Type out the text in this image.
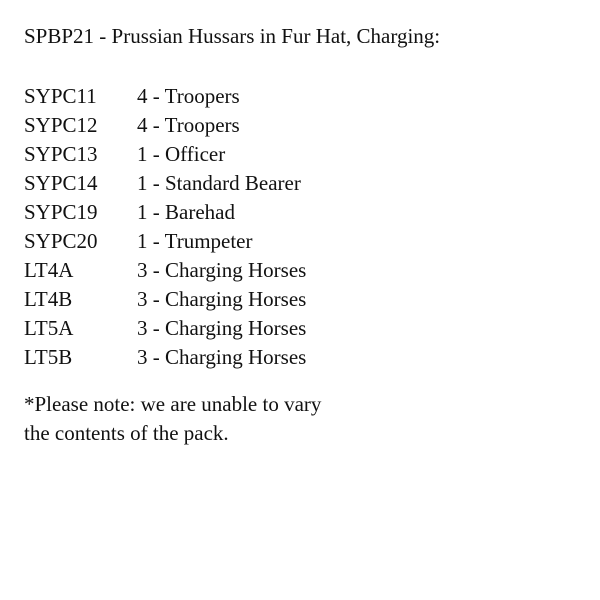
SPBP21 - Prussian Hussars in Fur Hat, Charging:
SYPC11	4 - Troopers
SYPC12	4 - Troopers
SYPC13	1 - Officer
SYPC14	1 - Standard Bearer
SYPC19	1 - Barehad
SYPC20	1 - Trumpeter
LT4A	3 - Charging Horses
LT4B	3 - Charging Horses
LT5A	3 - Charging Horses
LT5B	3 - Charging Horses
*Please note: we are unable to vary
the contents of the pack.
